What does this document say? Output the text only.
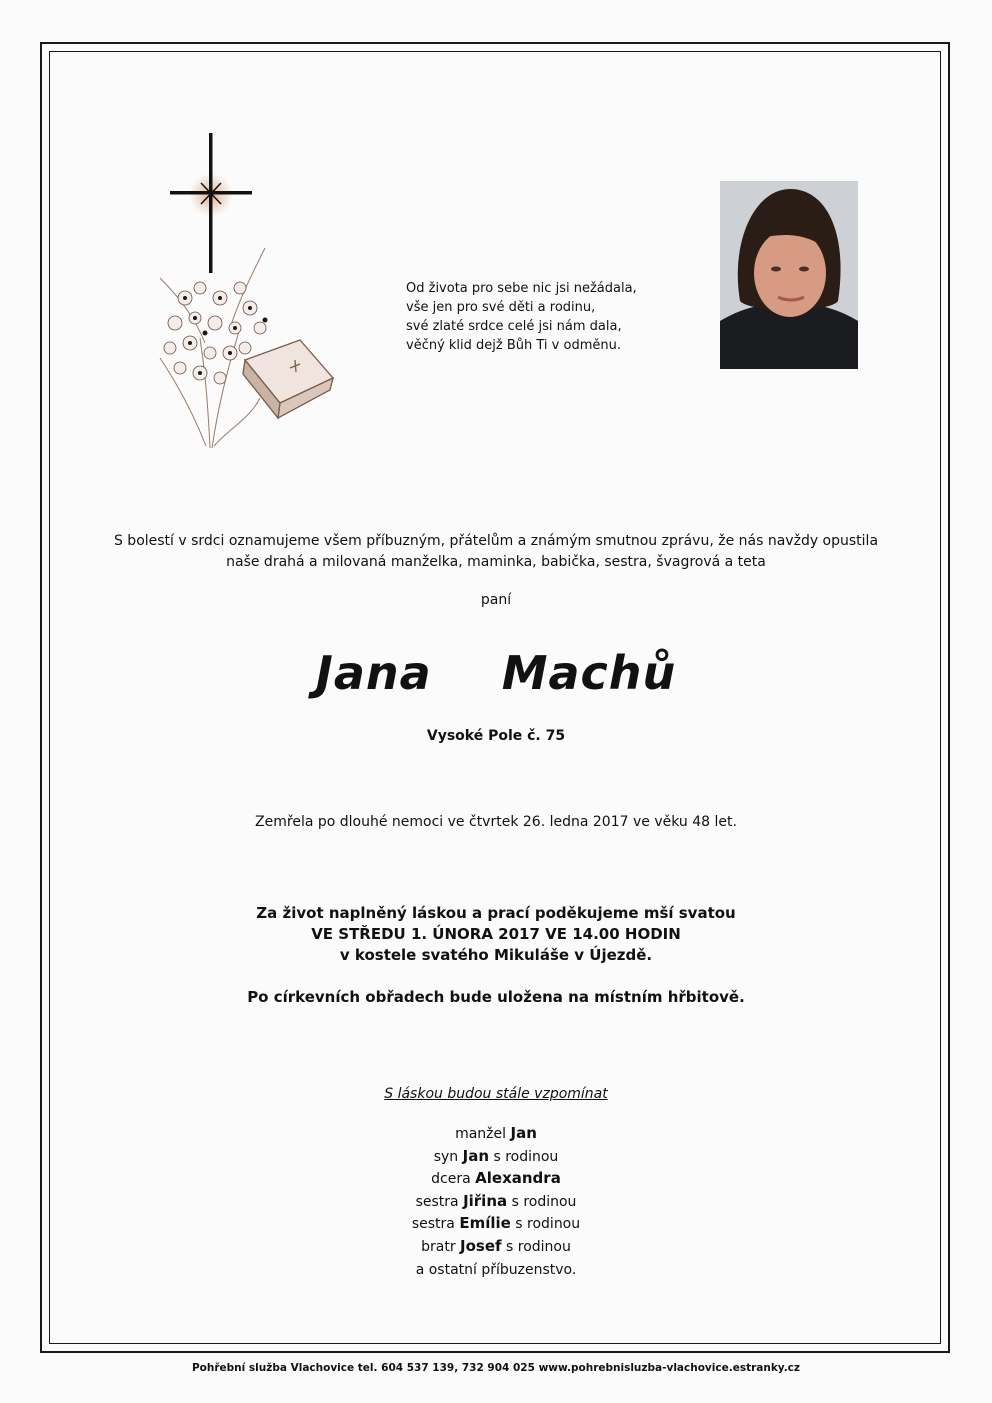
Od života pro sebe nic jsi nežádala,
vše jen pro své děti a rodinu,
své zlaté srdce celé jsi nám dala,
věčný klid dejž Bůh Ti v odměnu.
S bolestí v srdci oznamujeme všem příbuzným, přátelům a známým smutnou zprávu, že nás navždy opustila
naše drahá a milovaná manželka, maminka, babička, sestra, švagrová a teta
paní
Jana  Machů
Vysoké Pole č. 75
Zemřela po dlouhé nemoci ve čtvrtek 26. ledna 2017 ve věku 48 let.
Za život naplněný láskou a prací poděkujeme mší svatou
VE STŘEDU 1. ÚNORA 2017 VE 14.00 HODIN
v kostele svatého Mikuláše v Újezdě.
Po církevních obřadech bude uložena na místním hřbitově.
S láskou budou stále vzpomínat
manžel Jan
syn Jan s rodinou
dcera Alexandra
sestra Jiřina s rodinou
sestra Emílie s rodinou
bratr Josef s rodinou
a ostatní příbuzenstvo.
Pohřební služba Vlachovice tel. 604 537 139, 732 904 025 www.pohrebnisluzba-vlachovice.estranky.cz
